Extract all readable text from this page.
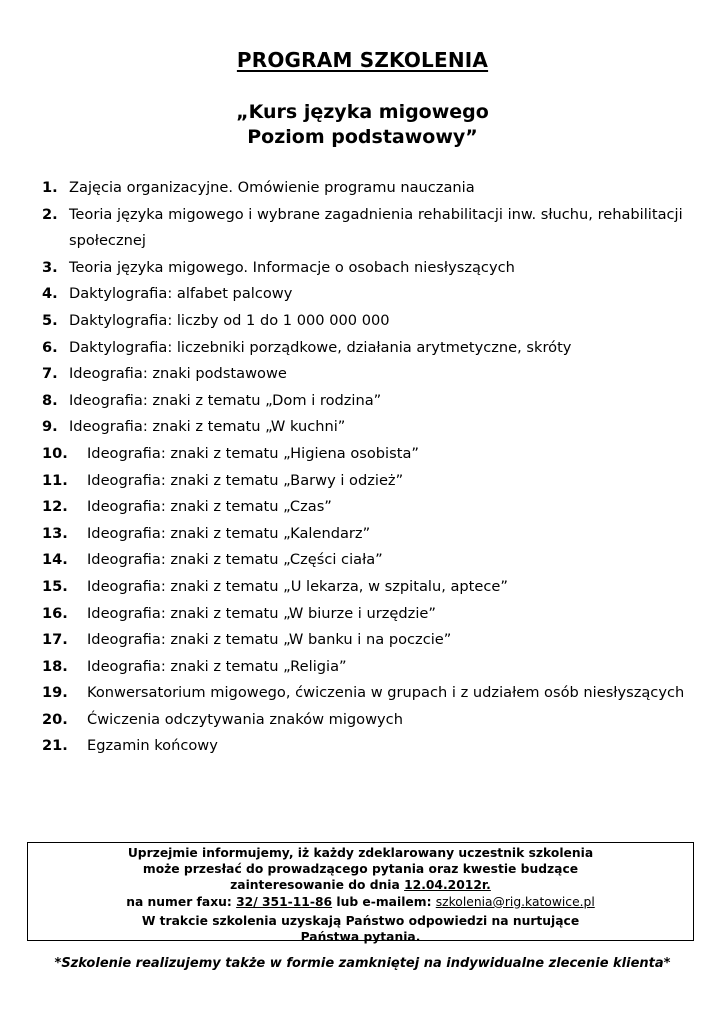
PROGRAM SZKOLENIA
„Kurs języka migowego
Poziom podstawowy”
1. Zajęcia organizacyjne. Omówienie programu nauczania
2. Teoria języka migowego i wybrane zagadnienia rehabilitacji inw. słuchu, rehabilitacji społecznej
3. Teoria języka migowego. Informacje o osobach niesłyszących
4. Daktylografia: alfabet palcowy
5. Daktylografia: liczby od 1 do 1 000 000 000
6. Daktylografia: liczebniki porządkowe, działania arytmetyczne, skróty
7. Ideografia: znaki podstawowe
8. Ideografia: znaki z tematu „Dom i rodzina”
9. Ideografia: znaki z tematu „W kuchni”
10. Ideografia: znaki z tematu „Higiena osobista”
11. Ideografia: znaki z tematu „Barwy i odzież”
12. Ideografia: znaki z tematu „Czas”
13. Ideografia: znaki z tematu „Kalendarz”
14. Ideografia: znaki z tematu „Części ciała”
15. Ideografia: znaki z tematu „U lekarza, w szpitalu, aptece”
16. Ideografia: znaki z tematu „W biurze i urzędzie”
17. Ideografia: znaki z tematu „W banku i na poczcie”
18. Ideografia: znaki z tematu „Religia”
19. Konwersatorium migowego, ćwiczenia w grupach i z udziałem osób niesłyszących
20. Ćwiczenia odczytywania znaków migowych
21. Egzamin końcowy
Uprzejmie informujemy, iż każdy zdeklarowany uczestnik szkolenia
może przesłać do prowadzącego pytania oraz kwestie budzące
zainteresowanie do dnia 12.04.2012r.
na numer faxu: 32/ 351-11-86 lub e-mailem: szkolenia@rig.katowice.pl
W trakcie szkolenia uzyskają Państwo odpowiedzi na nurtujące
Państwa pytania.
*Szkolenie realizujemy także w formie zamkniętej na indywidualne zlecenie klienta*
